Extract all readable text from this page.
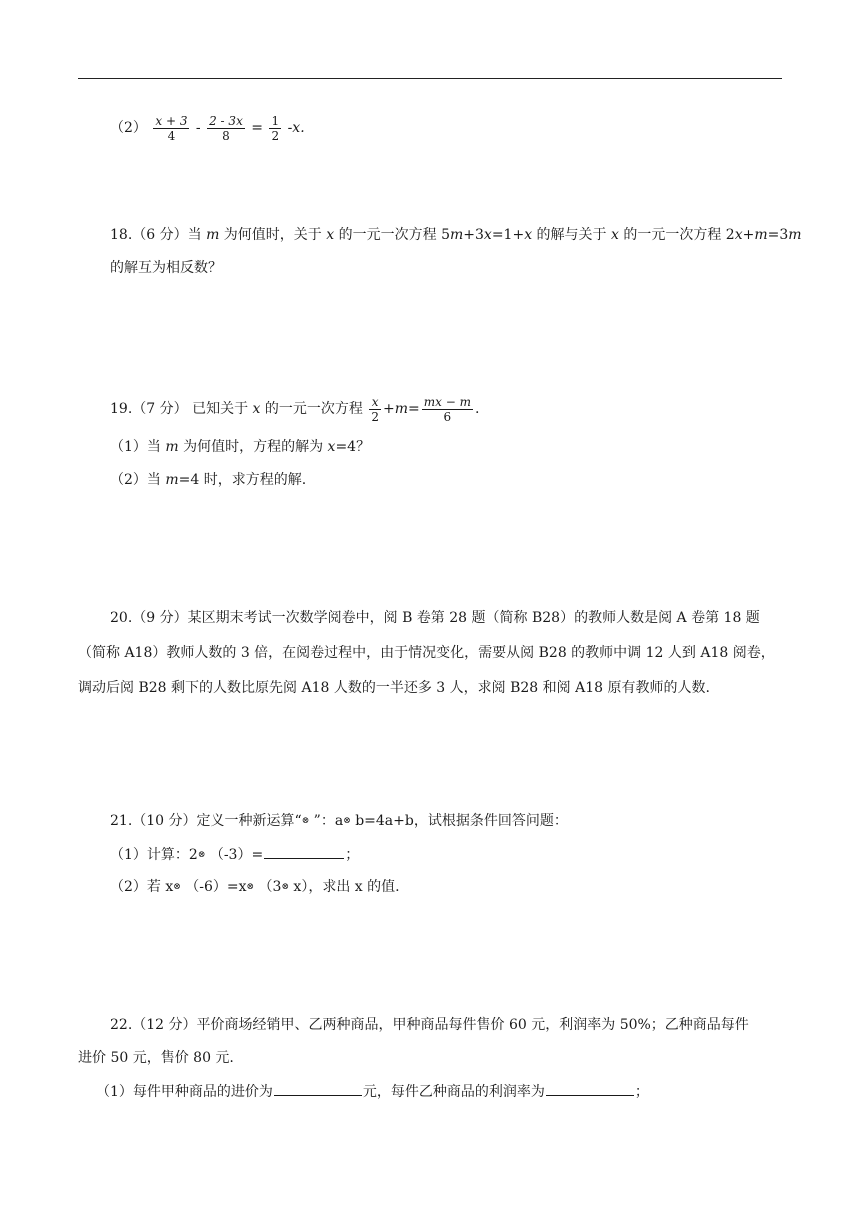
$(2) \frac{x + 3}{4} - \frac{2 - 3x}{8} = \frac{1}{2} -x$.
18.（6 分）当 m 为何值时，关于 x 的一元一次方程 5m+3x=1+x 的解与关于 x 的一元一次方程 2x+m=3m
的解互为相反数？
19.（7 分） 已知关于 x 的一元一次方程 $\frac{x}{2} +m= \frac{mx - m}{6}$ .
（1）当 m 为何值时，方程的解为 x=4？
（2）当 m=4 时，求方程的解.
20.（9 分）某区期末考试一次数学阅卷中，阅 B 卷第 28 题（简称 B28）的教师人数是阅 A 卷第 18 题
（简称 A18）教师人数的 3 倍，在阅卷过程中，由于情况变化，需要从阅 B28 的教师中调 12 人到 A18 阅卷，
调动后阅 B28 剩下的人数比原先阅 A18 人数的一半还多 3 人，求阅 B28 和阅 A18 原有教师的人数.
21.（10 分）定义一种新运算“⊗ ”：a⊗ b=4a+b，试根据条件回答问题：
（1）计算：2⊗ （-3）=	；
（2）若 x⊗ （-6）=x⊗ （3⊗ x），求出 x 的值.
22.（12 分）平价商场经销甲、乙两种商品，甲种商品每件售价 60 元，利润率为 50%；乙种商品每件
进价 50 元，售价 80 元.
（1）每件甲种商品的进价为	元，每件乙种商品的利润率为	；
